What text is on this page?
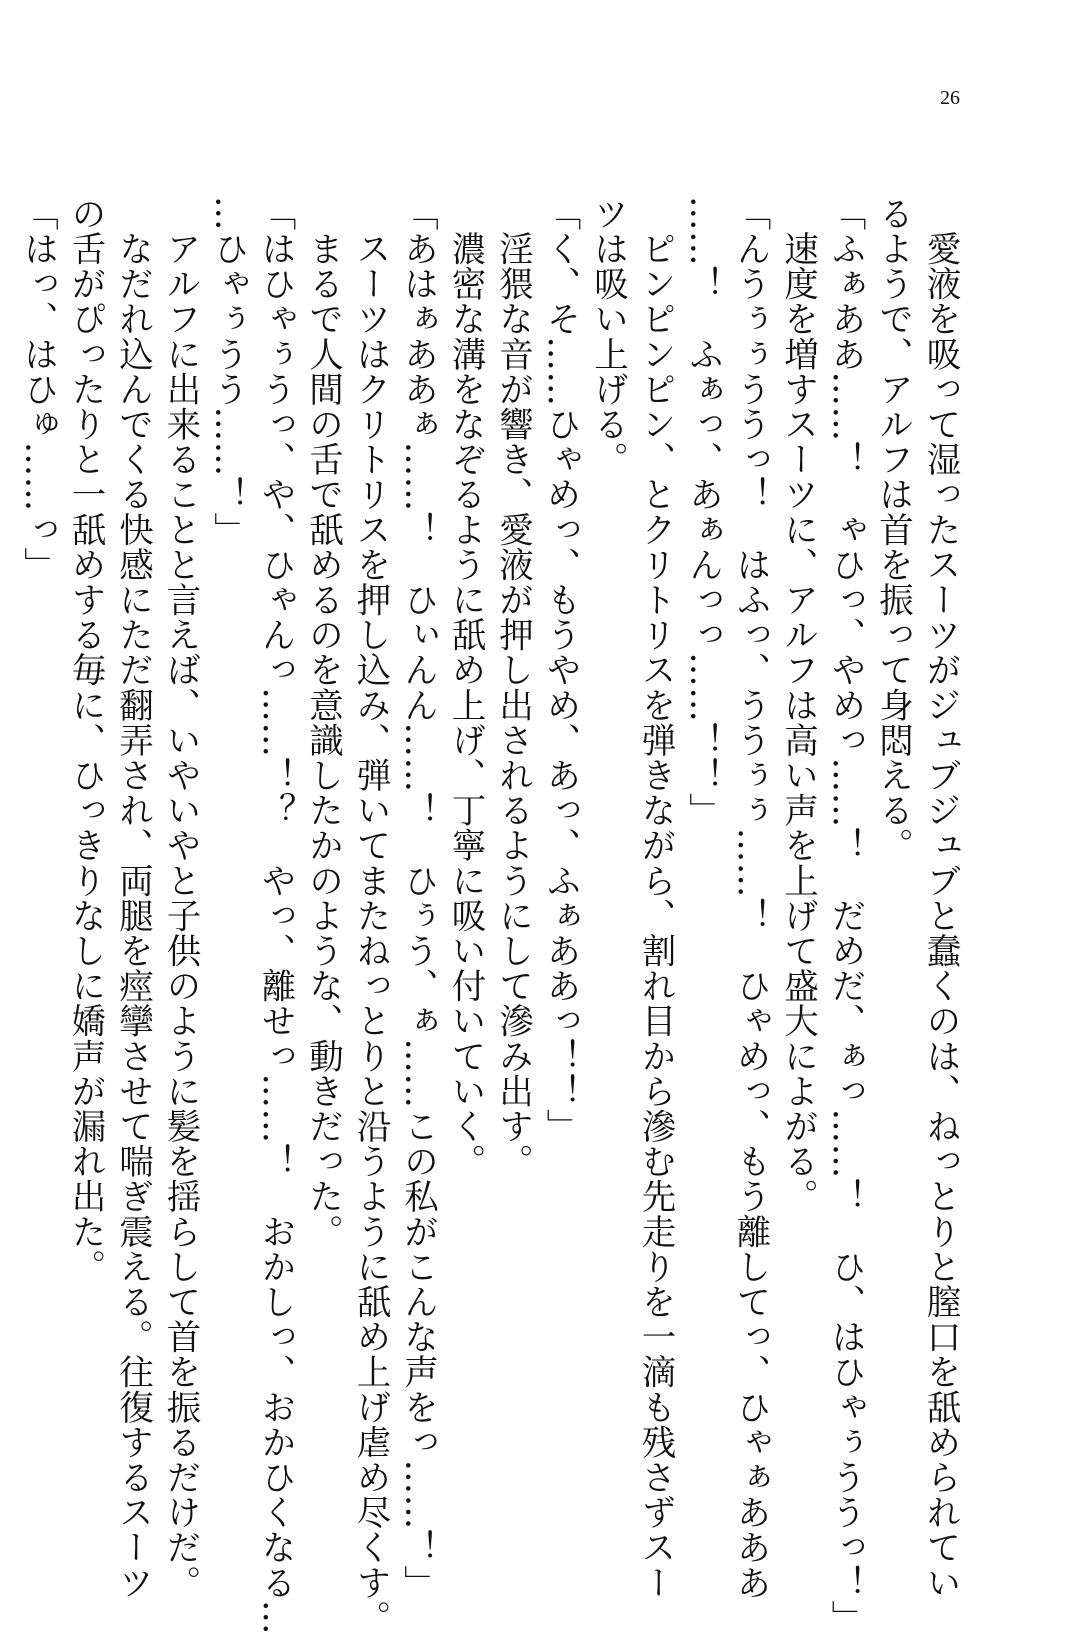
26

　愛液を吸って湿ったスーツがジュブジュブと蠢くのは、ねっとりと膣口を舐められてい

るようで、アルフは首を振って身悶える。

「ふぁああ……！　ゃひっ、やめっ……！　だめだ、ぁっ……！　ひ、はひゃぅううっ！」

　速度を増すスーツに、アルフは高い声を上げて盛大によがる。

「んうぅぅううっ！　はふっ、ううぅぅ……！　ひゃめっ、もう離してっ、ひゃぁあああ

……！　ふぁっ、あぁんっっ……！！」

　ピンピンピン、とクリトリスを弾きながら、割れ目から滲む先走りを一滴も残さずスー

ツは吸い上げる。

「く、そ……ひゃめっ、もうやめ、あっ、ふぁああっ！！」

　淫猥な音が響き、愛液が押し出されるようにして滲み出す。

　濃密な溝をなぞるように舐め上げ、丁寧に吸い付いていく。

「あはぁああぁ……！　ひぃんん……！　ひぅう、ぁ……この私がこんな声をっ……！」

　スーツはクリトリスを押し込み、弾いてまたねっとりと沿うように舐め上げ虐め尽くす。

　まるで人間の舌で舐めるのを意識したかのような、動きだった。

「はひゃぅうっ、や、ひゃんっ……！？　やっ、離せっ……！　おかしっ、おかひくなる…

…ひゃぅうう……！」

　アルフに出来ることと言えば、いやいやと子供のように髪を揺らして首を振るだけだ。

　なだれ込んでくる快感にただ翻弄され、両腿を痙攣させて喘ぎ震える。往復するスーツ

の舌がぴったりと一舐めする毎に、ひっきりなしに嬌声が漏れ出た。

「はっ、はひゅ……っ」
